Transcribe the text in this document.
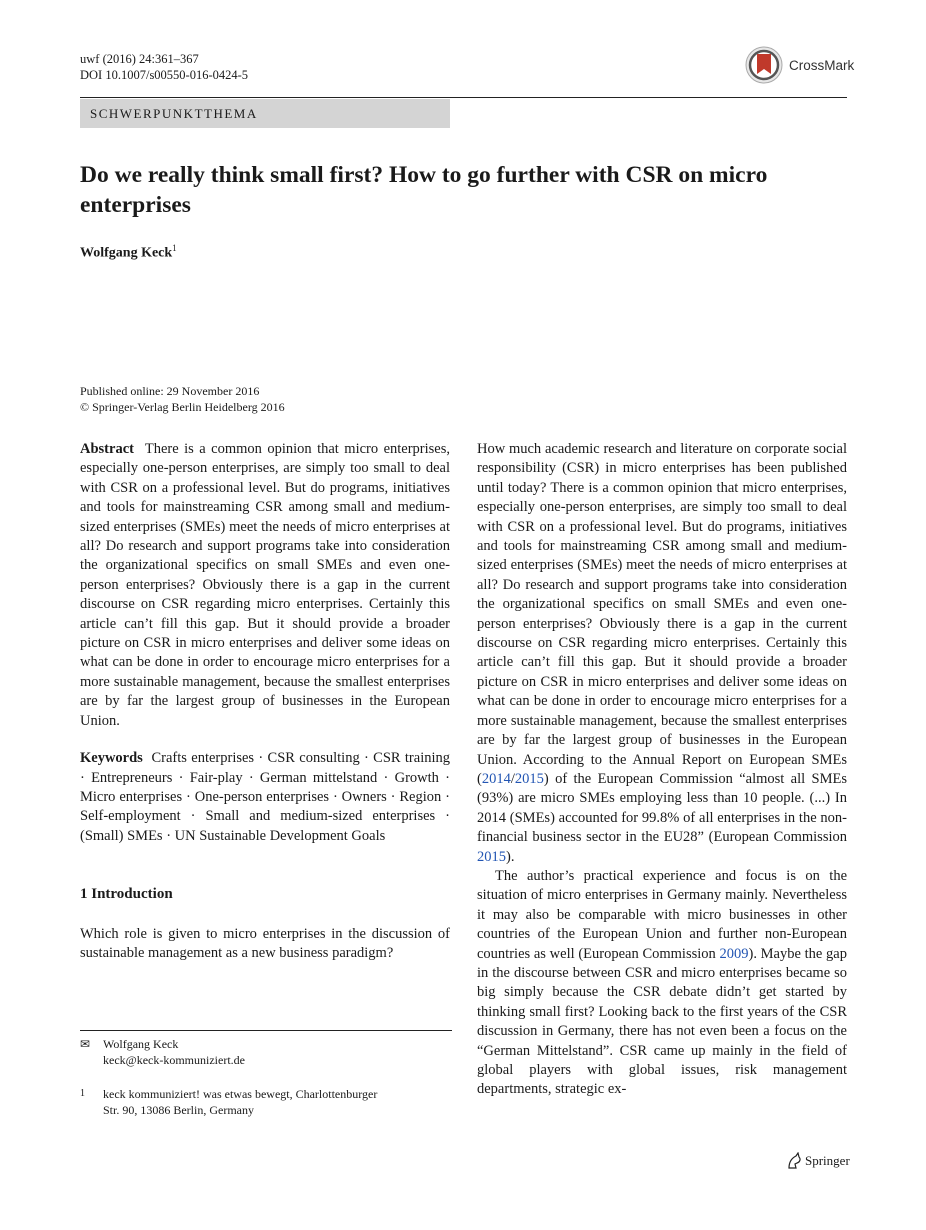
uwf (2016) 24:361–367
DOI 10.1007/s00550-016-0424-5
CrossMark
SCHWERPUNKTTHEMA
Do we really think small first? How to go further with CSR on micro enterprises
Wolfgang Keck$^1$
Published online: 29 November 2016
© Springer-Verlag Berlin Heidelberg 2016

Abstract There is a common opinion that micro enterprises, especially one-person enterprises, are simply too small to deal with CSR on a professional level. But do programs, initiatives and tools for mainstreaming CSR among small and medium-sized enterprises (SMEs) meet the needs of micro enterprises at all? Do research and support programs take into consideration the organizational specifics on small SMEs and even one-person enterprises? Obviously there is a gap in the current discourse on CSR regarding micro enterprises. Certainly this article can’t fill this gap. But it should provide a broader picture on CSR in micro enterprises and deliver some ideas on what can be done in order to encourage micro enterprises for a more sustainable management, because the smallest enterprises are by far the largest group of businesses in the European Union.

Keywords Crafts enterprises · CSR consulting · CSR training · Entrepreneurs · Fair-play · German mittelstand · Growth · Micro enterprises · One-person enterprises · Owners · Region · Self-employment · Small and medium-sized enterprises · (Small) SMEs · UN Sustainable Development Goals

1 Introduction

Which role is given to micro enterprises in the discussion of sustainable management as a new business paradigm?

How much academic research and literature on corporate social responsibility (CSR) in micro enterprises has been published until today? There is a common opinion that micro enterprises, especially one-person enterprises, are simply too small to deal with CSR on a professional level. But do programs, initiatives and tools for mainstreaming CSR among small and medium-sized enterprises (SMEs) meet the needs of micro enterprises at all? Do research and support programs take into consideration the organizational specifics on small SMEs and even one-person enterprises? Obviously there is a gap in the current discourse on CSR regarding micro enterprises. Certainly this article can’t fill this gap. But it should provide a broader picture on CSR in micro enterprises and deliver some ideas on what can be done in order to encourage micro enterprises for a more sustainable management, because the smallest enterprises are by far the largest group of businesses in the European Union. According to the Annual Report on European SMEs (2014/2015) of the European Commission “almost all SMEs (93%) are micro SMEs employing less than 10 people. (...) In 2014 (SMEs) accounted for 99.8% of all enterprises in the non-financial business sector in the EU28” (European Commission 2015).

The author’s practical experience and focus is on the situation of micro enterprises in Germany mainly. Nevertheless it may also be comparable with micro businesses in other countries of the European Union and further non-European countries as well (European Commission 2009). Maybe the gap in the discourse between CSR and micro enterprises became so big simply because the CSR debate didn’t get started by thinking small first? Looking back to the first years of the CSR discussion in Germany, there has not even been a focus on the “German Mittelstand”. CSR came up mainly in the field of global players with global issues, risk management departments, strategic ex-

✉	Wolfgang Keck
keck@keck-kommuniziert.de
1	keck kommuniziert! was etwas bewegt, Charlottenburger
Str. 90, 13086 Berlin, Germany
Springer
